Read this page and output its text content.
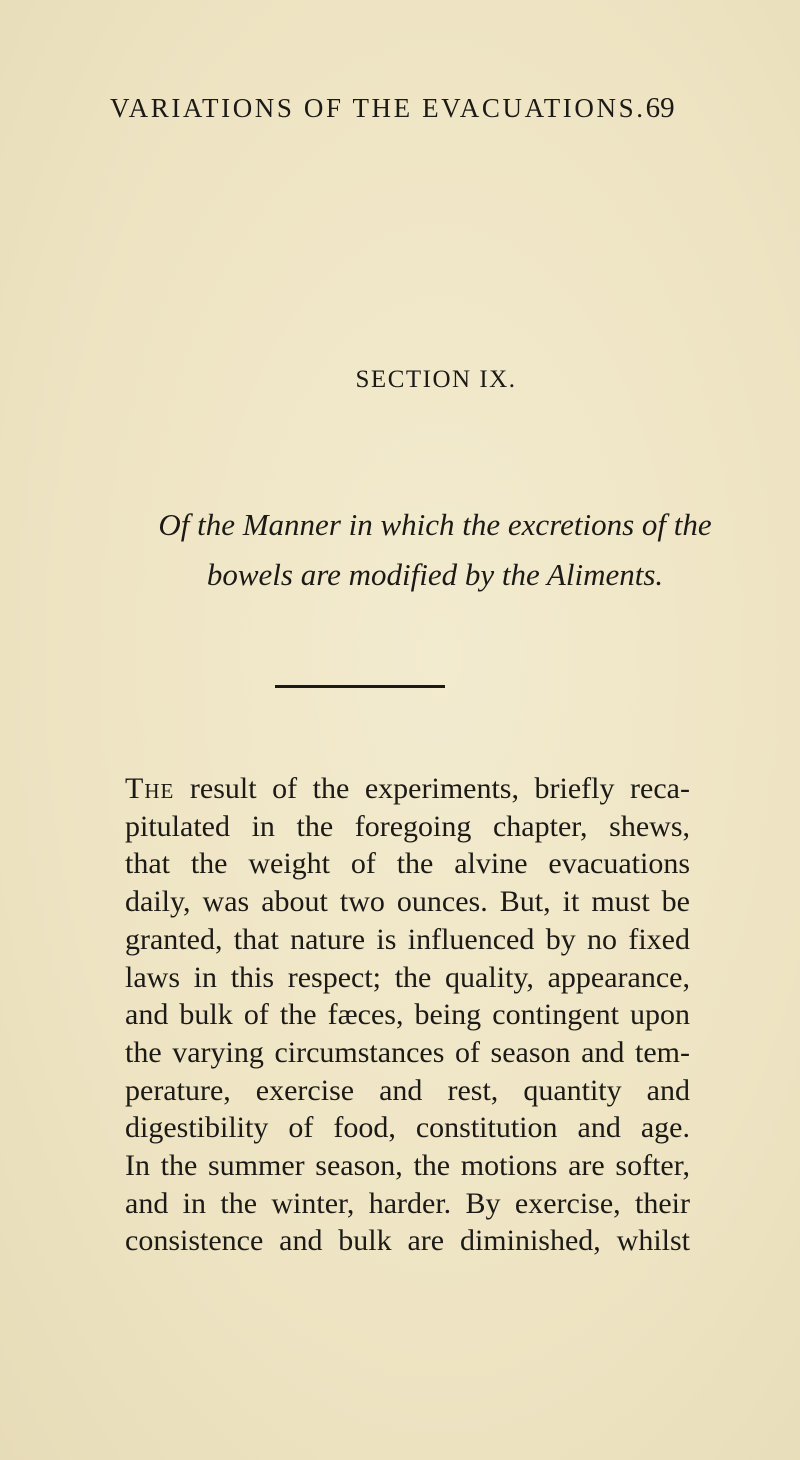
VARIATIONS OF THE EVACUATIONS. 69
SECTION IX.
Of the Manner in which the excretions of the
bowels are modified by the Aliments.
The result of the experiments, briefly reca-
pitulated in the foregoing chapter, shews,
that the weight of the alvine evacuations
daily, was about two ounces. But, it must be
granted, that nature is influenced by no fixed
laws in this respect; the quality, appearance,
and bulk of the fæces, being contingent upon
the varying circumstances of season and tem-
perature, exercise and rest, quantity and
digestibility of food, constitution and age.
In the summer season, the motions are softer,
and in the winter, harder. By exercise, their
consistence and bulk are diminished, whilst
